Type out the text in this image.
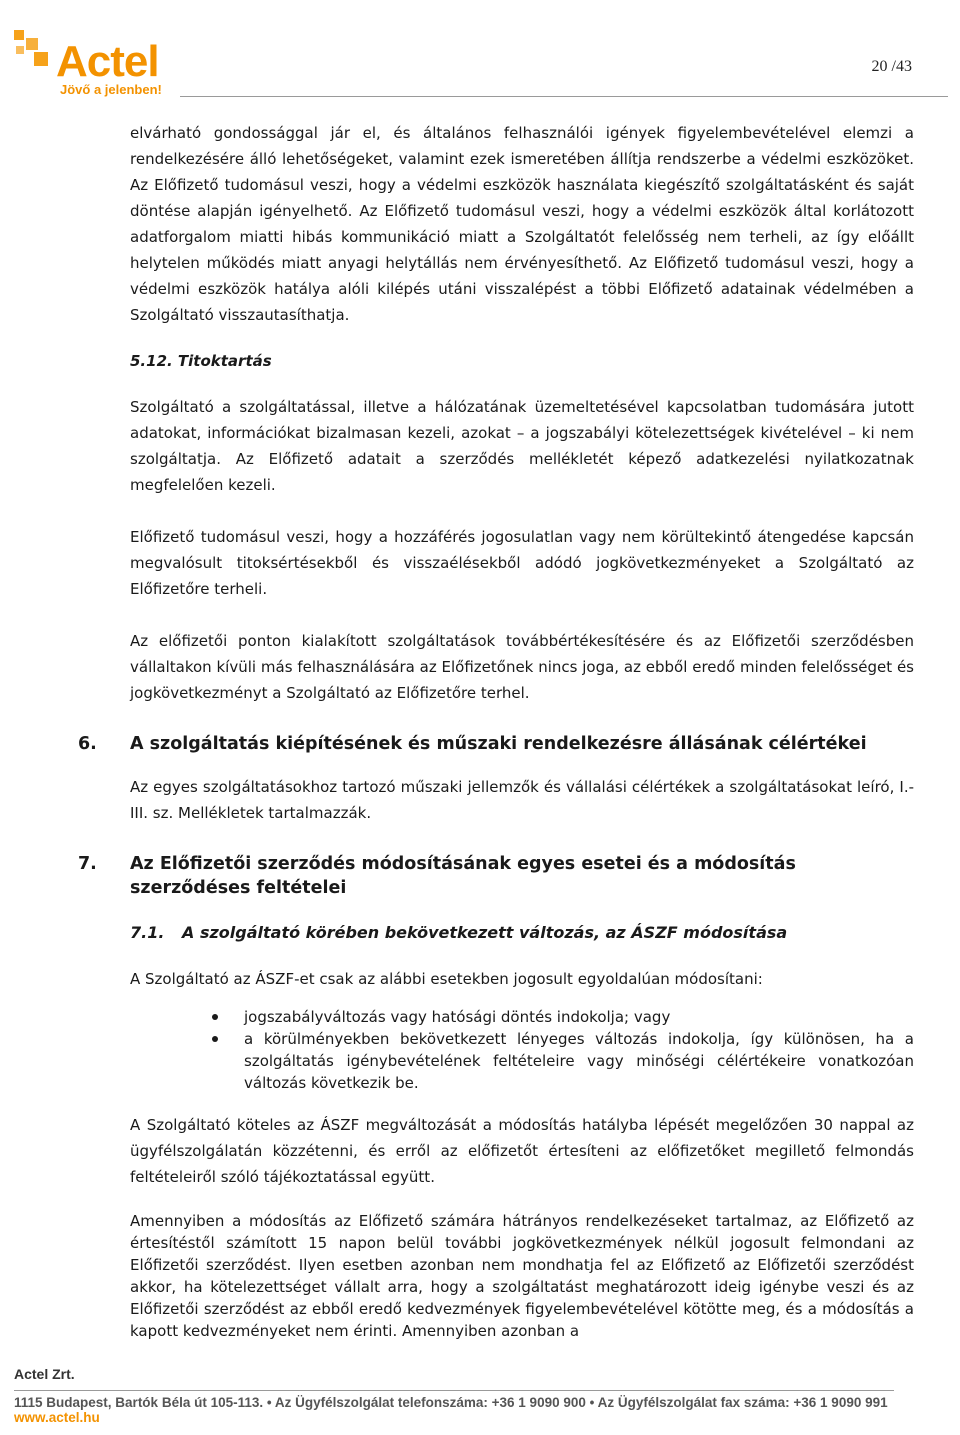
Actel
Jövő a jelenben!
20 /43

elvárható gondossággal jár el, és általános felhasználói igények figyelembevételével elemzi a rendelkezésére álló lehetőségeket, valamint ezek ismeretében állítja rendszerbe a védelmi eszközöket. Az Előfizető tudomásul veszi, hogy a védelmi eszközök használata kiegészítő szolgáltatásként és saját döntése alapján igényelhető. Az Előfizető tudomásul veszi, hogy a védelmi eszközök által korlátozott adatforgalom miatti hibás kommunikáció miatt a Szolgáltatót felelősség nem terheli, az így előállt helytelen működés miatt anyagi helytállás nem érvényesíthető. Az Előfizető tudomásul veszi, hogy a védelmi eszközök hatálya alóli kilépés utáni visszalépést a többi Előfizető adatainak védelmében a Szolgáltató visszautasíthatja.

5.12. Titoktartás

Szolgáltató a szolgáltatással, illetve a hálózatának üzemeltetésével kapcsolatban tudomására jutott adatokat, információkat bizalmasan kezeli, azokat – a jogszabályi kötelezettségek kivételével – ki nem szolgáltatja. Az Előfizető adatait a szerződés mellékletét képező adatkezelési nyilatkozatnak megfelelően kezeli.

Előfizető tudomásul veszi, hogy a hozzáférés jogosulatlan vagy nem körültekintő átengedése kapcsán megvalósult titoksértésekből és visszaélésekből adódó jogkövetkezményeket a Szolgáltató az Előfizetőre terheli.

Az előfizetői ponton kialakított szolgáltatások továbbértékesítésére és az Előfizetői szerződésben vállaltakon kívüli más felhasználására az Előfizetőnek nincs joga, az ebből eredő minden felelősséget és jogkövetkezményt a Szolgáltató az Előfizetőre terhel.

6. A szolgáltatás kiépítésének és műszaki rendelkezésre állásának célértékei

Az egyes szolgáltatásokhoz tartozó műszaki jellemzők és vállalási célértékek a szolgáltatásokat leíró, I.-III. sz. Mellékletek tartalmazzák.

7. Az Előfizetői szerződés módosításának egyes esetei és a módosítás szerződéses feltételei
7.1.	A szolgáltató körében bekövetkezett változás, az ÁSZF módosítása

A Szolgáltató az ÁSZF-et csak az alábbi esetekben jogosult egyoldalúan módosítani:

jogszabályváltozás vagy hatósági döntés indokolja; vagy
a körülményekben bekövetkezett lényeges változás indokolja, így különösen, ha a szolgáltatás igénybevételének feltételeire vagy minőségi célértékeire vonatkozóan változás következik be.

A Szolgáltató köteles az ÁSZF megváltozását a módosítás hatályba lépését megelőzően 30 nappal az ügyfélszolgálatán közzétenni, és erről az előfizetőt értesíteni az előfizetőket megillető felmondás feltételeiről szóló tájékoztatással együtt.

Amennyiben a módosítás az Előfizető számára hátrányos rendelkezéseket tartalmaz, az Előfizető az értesítéstől számított 15 napon belül további jogkövetkezmények nélkül jogosult felmondani az Előfizetői szerződést. Ilyen esetben azonban nem mondhatja fel az Előfizető az Előfizetői szerződést akkor, ha kötelezettséget vállalt arra, hogy a szolgáltatást meghatározott ideig igénybe veszi és az Előfizetői szerződést az ebből eredő kedvezmények figyelembevételével kötötte meg, és a módosítás a kapott kedvezményeket nem érinti. Amennyiben azonban a

Actel Zrt.
1115 Budapest, Bartók Béla út 105-113. • Az Ügyfélszolgálat telefonszáma: +36 1 9090 900 • Az Ügyfélszolgálat fax száma: +36 1 9090 991
www.actel.hu
